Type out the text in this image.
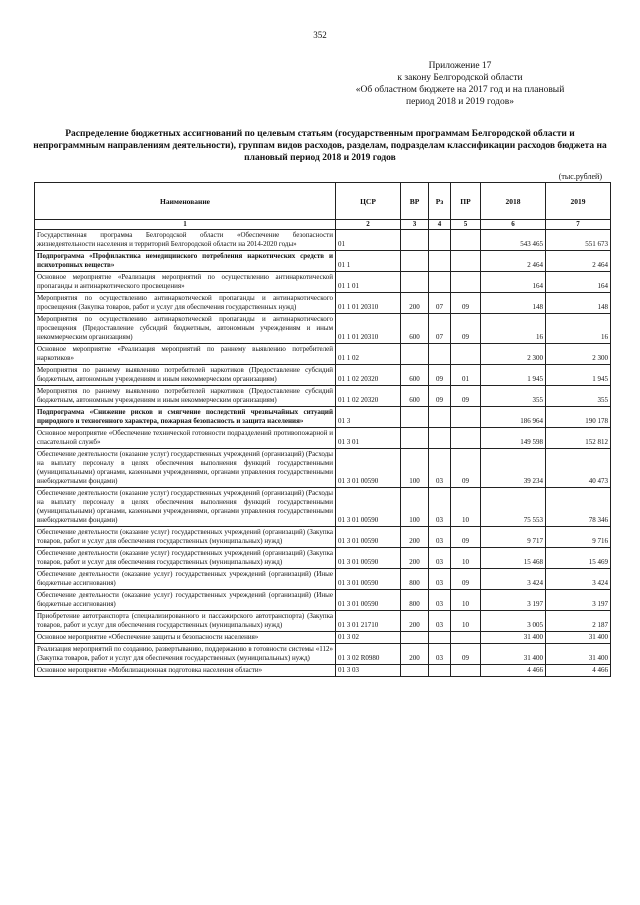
352
Приложение 17
к закону Белгородской области
«Об областном бюджете на 2017 год и на плановый
период 2018 и 2019 годов»
Распределение бюджетных ассигнований по целевым статьям (государственным программам Белгородской области и непрограммным направлениям деятельности), группам видов расходов, разделам, подразделам классификации расходов бюджета на плановый период 2018 и 2019 годов
(тыс.рублей)
Наименование	ЦСР	ВР	Рз	ПР	2018	2019
1	2	3	4	5	6	7
Государственная программа Белгородской области «Обеспечение безопасности жизнедеятельности населения и территорий Белгородской области на 2014-2020 годы»	01				543 465	551 673
Подпрограмма «Профилактика немедицинского потребления наркотических средств и психотропных веществ»	01 1				2 464	2 464
Основное мероприятие «Реализация мероприятий по осуществлению антинаркотической пропаганды и антинаркотического просвещения»	01 1 01				164	164
Мероприятия по осуществлению антинаркотической пропаганды и антинаркотического просвещения (Закупка товаров, работ и услуг для обеспечения государственных нужд)	01 1 01 20310	200	07	09	148	148
Мероприятия по осуществлению антинаркотической пропаганды и антинаркотического просвещения (Предоставление субсидий бюджетным, автономным учреждениям и иным некоммерческим организациям)	01 1 01 20310	600	07	09	16	16
Основное мероприятие «Реализация мероприятий по раннему выявлению потребителей наркотиков»	01 1 02				2 300	2 300
Мероприятия по раннему выявлению потребителей наркотиков (Предоставление субсидий бюджетным, автономным учреждениям и иным некоммерческим организациям)	01 1 02 20320	600	09	01	1 945	1 945
Мероприятия по раннему выявлению потребителей наркотиков (Предоставление субсидий бюджетным, автономным учреждениям и иным некоммерческим организациям)	01 1 02 20320	600	09	09	355	355
Подпрограмма «Снижение рисков и смягчение последствий чрезвычайных ситуаций природного и техногенного характера, пожарная безопасность и защита населения»	01 3				186 964	190 178
Основное мероприятие «Обеспечение технической готовности подразделений противопожарной и спасательной служб»	01 3 01				149 598	152 812
Обеспечение деятельности (оказание услуг) государственных учреждений (организаций) (Расходы на выплату персоналу в целях обеспечения выполнения функций государственными (муниципальными) органами, казенными учреждениями, органами управления государственными внебюджетными фондами)	01 3 01 00590	100	03	09	39 234	40 473
Обеспечение деятельности (оказание услуг) государственных учреждений (организаций) (Расходы на выплату персоналу в целях обеспечения выполнения функций государственными (муниципальными) органами, казенными учреждениями, органами управления государственными внебюджетными фондами)	01 3 01 00590	100	03	10	75 553	78 346
Обеспечение деятельности (оказание услуг) государственных учреждений (организаций) (Закупка товаров, работ и услуг для обеспечения государственных (муниципальных) нужд)	01 3 01 00590	200	03	09	9 717	9 716
Обеспечение деятельности (оказание услуг) государственных учреждений (организаций) (Закупка товаров, работ и услуг для обеспечения государственных (муниципальных) нужд)	01 3 01 00590	200	03	10	15 468	15 469
Обеспечение деятельности (оказание услуг) государственных учреждений (организаций) (Иные бюджетные ассигнования)	01 3 01 00590	800	03	09	3 424	3 424
Обеспечение деятельности (оказание услуг) государственных учреждений (организаций) (Иные бюджетные ассигнования)	01 3 01 00590	800	03	10	3 197	3 197
Приобретение автотранспорта (специализированного и пассажирского автотранспорта) (Закупка товаров, работ и услуг для обеспечения государственных (муниципальных) нужд)	01 3 01 21710	200	03	10	3 005	2 187
Основное мероприятие «Обеспечение защиты и безопасности населения»	01 3 02				31 400	31 400
Реализация мероприятий по созданию, развертыванию, поддержанию в готовности системы «112» (Закупка товаров, работ и услуг для обеспечения государственных (муниципальных) нужд)	01 3 02 R0980	200	03	09	31 400	31 400
Основное мероприятие «Мобилизационная подготовка населения области»	01 3 03				4 466	4 466
